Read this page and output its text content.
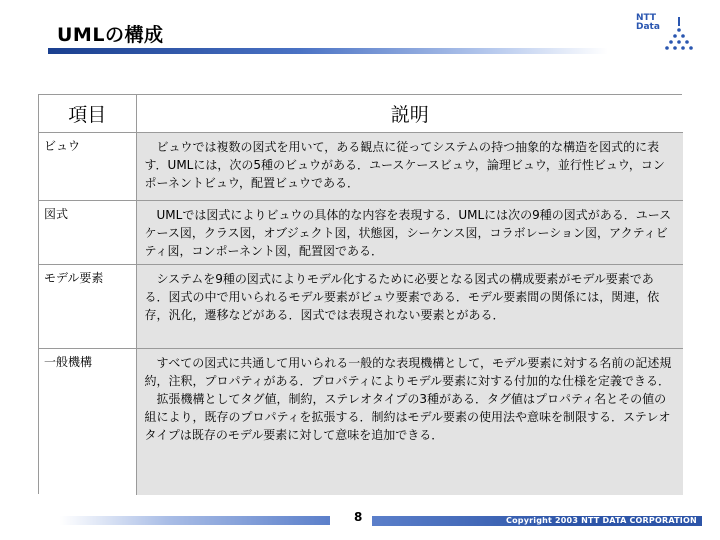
UMLの構成
NTT
Data
項目	説明
ビュウ	ビュウでは複数の図式を用いて，ある観点に従ってシステムの持つ抽象的な構造を図式的に表す．UMLには，次の5種のビュウがある．ユースケースビュウ，論理ビュウ，並行性ビュウ，コンポーネントビュウ，配置ビュウである．

図式	UMLでは図式によりビュウの具体的な内容を表現する．UMLには次の9種の図式がある．ユースケース図，クラス図，オブジェクト図，状態図，シーケンス図，コラボレーション図，アクティビティ図，コンポーネント図，配置図である．

モデル要素	システムを9種の図式によりモデル化するために必要となる図式の構成要素がモデル要素である．図式の中で用いられるモデル要素がビュウ要素である．モデル要素間の関係には，関連，依存，汎化，遷移などがある．図式では表現されない要素とがある．

一般機構	すべての図式に共通して用いられる一般的な表現機構として，モデル要素に対する名前の記述規約，注釈，プロパティがある．プロパティによりモデル要素に対する付加的な仕様を定義できる．
拡張機構としてタグ値，制約，ステレオタイプの3種がある．タグ値はプロパティ名とその値の組により，既存のプロパティを拡張する．制約はモデル要素の使用法や意味を制限する．ステレオタイプは既存のモデル要素に対して意味を追加できる．
8	Copyright 2003 NTT DATA CORPORATION
